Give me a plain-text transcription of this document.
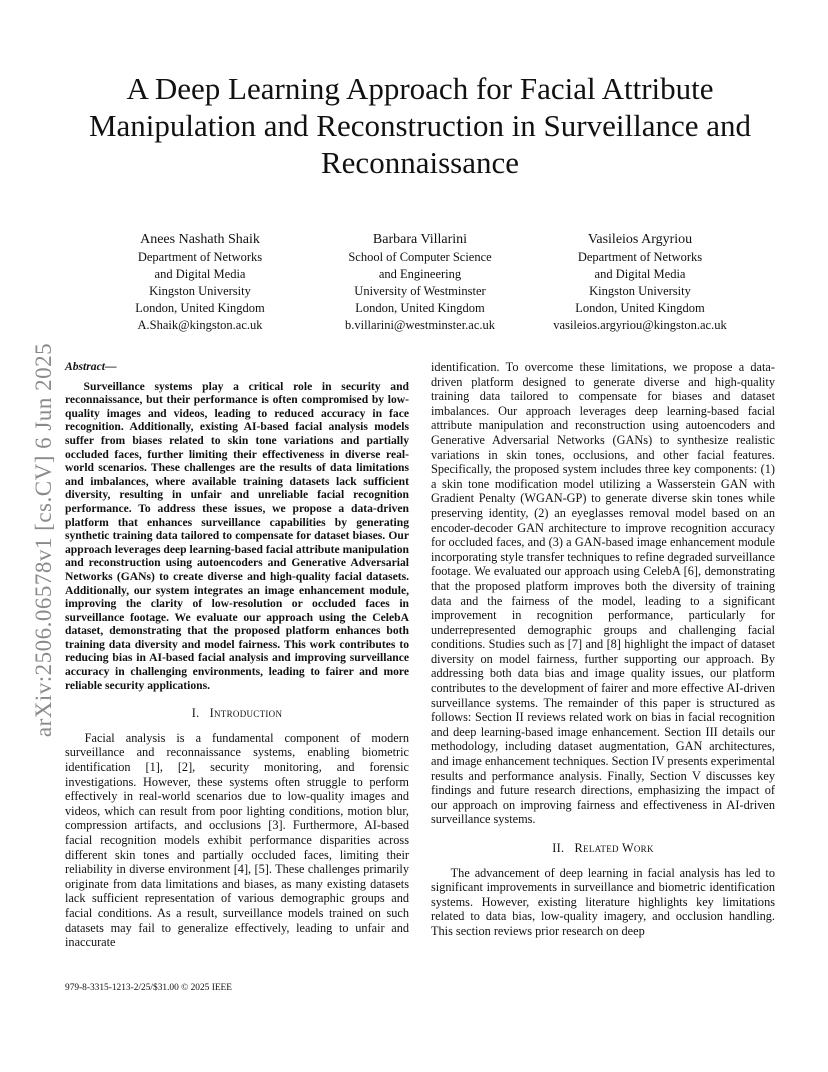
arXiv:2506.06578v1 [cs.CV] 6 Jun 2025
A Deep Learning Approach for Facial Attribute
Manipulation and Reconstruction in Surveillance and
Reconnaissance
Anees Nashath Shaik
Department of Networks
and Digital Media
Kingston University
London, United Kingdom
A.Shaik@kingston.ac.uk
Barbara Villarini
School of Computer Science
and Engineering
University of Westminster
London, United Kingdom
b.villarini@westminster.ac.uk
Vasileios Argyriou
Department of Networks
and Digital Media
Kingston University
London, United Kingdom
vasileios.argyriou@kingston.ac.uk

Abstract—

Surveillance systems play a critical role in security and reconnaissance, but their performance is often compromised by low-quality images and videos, leading to reduced accuracy in face recognition. Additionally, existing AI-based facial analysis models suffer from biases related to skin tone variations and partially occluded faces, further limiting their effectiveness in diverse real-world scenarios. These challenges are the results of data limitations and imbalances, where available training datasets lack sufficient diversity, resulting in unfair and unreliable facial recognition performance. To address these issues, we propose a data-driven platform that enhances surveillance capabilities by generating synthetic training data tailored to compensate for dataset biases. Our approach leverages deep learning-based facial attribute manipulation and reconstruction using autoencoders and Generative Adversarial Networks (GANs) to create diverse and high-quality facial datasets. Additionally, our system integrates an image enhancement module, improving the clarity of low-resolution or occluded faces in surveillance footage. We evaluate our approach using the CelebA dataset, demonstrating that the proposed platform enhances both training data diversity and model fairness. This work contributes to reducing bias in AI-based facial analysis and improving surveillance accuracy in challenging environments, leading to fairer and more reliable security applications.

I. Introduction

Facial analysis is a fundamental component of modern surveillance and reconnaissance systems, enabling biometric identification [1], [2], security monitoring, and forensic investigations. However, these systems often struggle to perform effectively in real-world scenarios due to low-quality images and videos, which can result from poor lighting conditions, motion blur, compression artifacts, and occlusions [3]. Furthermore, AI-based facial recognition models exhibit performance disparities across different skin tones and partially occluded faces, limiting their reliability in diverse environment [4], [5]. These challenges primarily originate from data limitations and biases, as many existing datasets lack sufficient representation of various demographic groups and facial conditions. As a result, surveillance models trained on such datasets may fail to generalize effectively, leading to unfair and inaccurate

identification. To overcome these limitations, we propose a data-driven platform designed to generate diverse and high-quality training data tailored to compensate for biases and dataset imbalances. Our approach leverages deep learning-based facial attribute manipulation and reconstruction using autoencoders and Generative Adversarial Networks (GANs) to synthesize realistic variations in skin tones, occlusions, and other facial features. Specifically, the proposed system includes three key components: (1) a skin tone modification model utilizing a Wasserstein GAN with Gradient Penalty (WGAN-GP) to generate diverse skin tones while preserving identity, (2) an eyeglasses removal model based on an encoder-decoder GAN architecture to improve recognition accuracy for occluded faces, and (3) a GAN-based image enhancement module incorporating style transfer techniques to refine degraded surveillance footage. We evaluated our approach using CelebA [6], demonstrating that the proposed platform improves both the diversity of training data and the fairness of the model, leading to a significant improvement in recognition performance, particularly for underrepresented demographic groups and challenging facial conditions. Studies such as [7] and [8] highlight the impact of dataset diversity on model fairness, further supporting our approach. By addressing both data bias and image quality issues, our platform contributes to the development of fairer and more effective AI-driven surveillance systems. The remainder of this paper is structured as follows: Section II reviews related work on bias in facial recognition and deep learning-based image enhancement. Section III details our methodology, including dataset augmentation, GAN architectures, and image enhancement techniques. Section IV presents experimental results and performance analysis. Finally, Section V discusses key findings and future research directions, emphasizing the impact of our approach on improving fairness and effectiveness in AI-driven surveillance systems.

II. Related Work

The advancement of deep learning in facial analysis has led to significant improvements in surveillance and biometric identification systems. However, existing literature highlights key limitations related to data bias, low-quality imagery, and occlusion handling. This section reviews prior research on deep

979-8-3315-1213-2/25/$31.00 © 2025 IEEE
